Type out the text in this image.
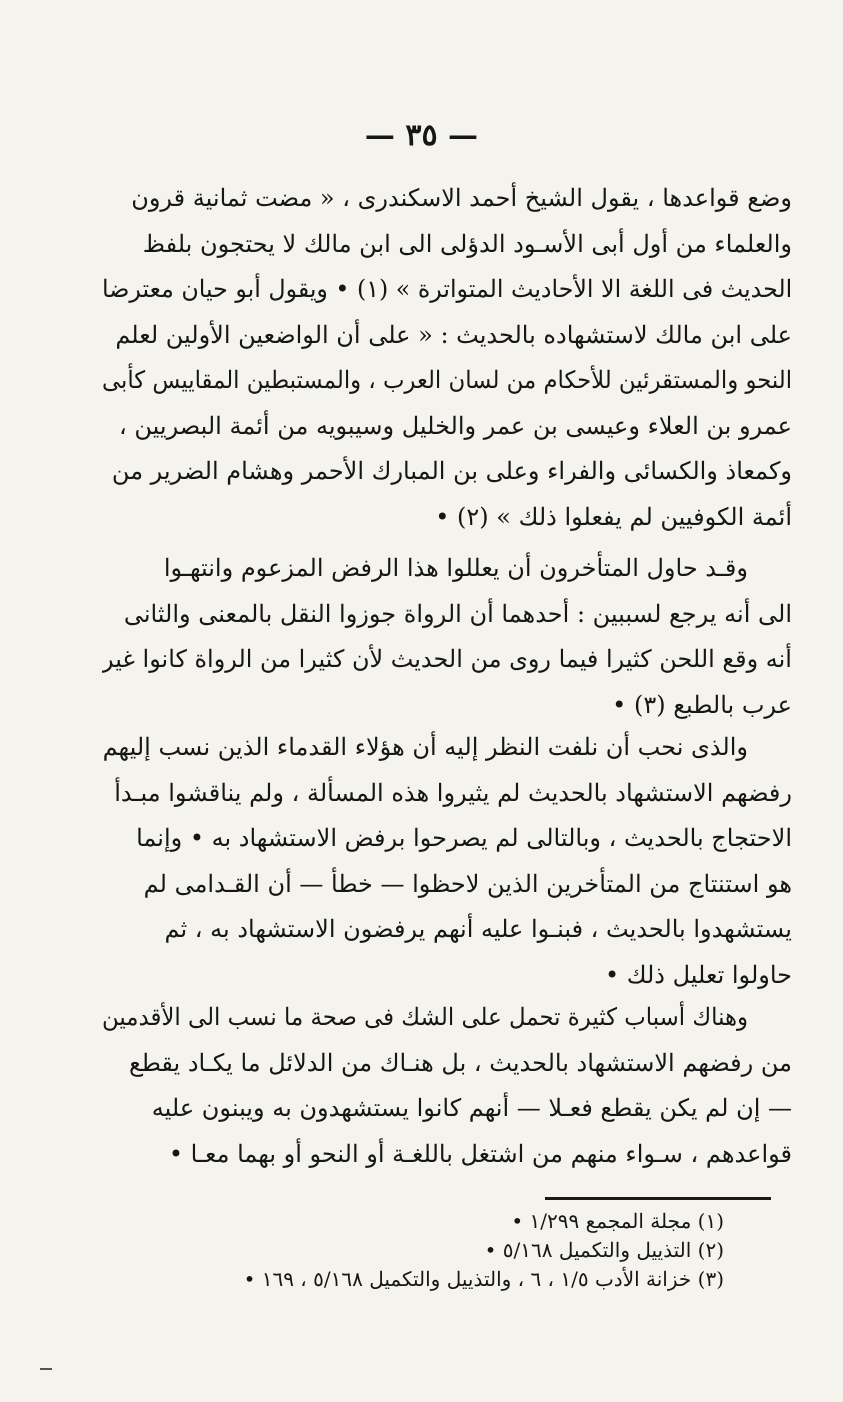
— ٣٥ —
وضع قواعدها ، يقول الشيخ أحمد الاسكندرى ، « مضت ثمانية قرون
والعلماء من أول أبى الأسـود الدؤلى الى ابن مالك لا يحتجون بلفظ
الحديث فى اللغة الا الأحاديث المتواترة » (١) • ويقول أبو حيان معترضا
على ابن مالك لاستشهاده بالحديث : « على أن الواضعين الأولين لعلم
النحو والمستقرئين للأحكام من لسان العرب ، والمستبطين المقاييس كأبى
عمرو بن العلاء وعيسى بن عمر والخليل وسيبويه من أئمة البصريين ،
وكمعاذ والكسائى والفراء وعلى بن المبارك الأحمر وهشام الضرير من
أئمة الكوفيين لم يفعلوا ذلك » (٢) •
وقـد حاول المتأخرون أن يعللوا هذا الرفض المزعوم وانتهـوا
الى أنه يرجع لسببين : أحدهما أن الرواة جوزوا النقل بالمعنى والثانى
أنه وقع اللحن كثيرا فيما روى من الحديث لأن كثيرا من الرواة كانوا غير
عرب بالطبع (٣) •
والذى نحب أن نلفت النظر إليه أن هؤلاء القدماء الذين نسب إليهم
رفضهم الاستشهاد بالحديث لم يثيروا هذه المسألة ، ولم يناقشوا مبـدأ
الاحتجاج بالحديث ، وبالتالى لم يصرحوا برفض الاستشهاد به • وإنما
هو استنتاج من المتأخرين الذين لاحظوا — خطأ — أن القـدامى لم
يستشهدوا بالحديث ، فبنـوا عليه أنهم يرفضون الاستشهاد به ، ثم
حاولوا تعليل ذلك •
وهناك أسباب كثيرة تحمل على الشك فى صحة ما نسب الى الأقدمين
من رفضهم الاستشهاد بالحديث ، بل هنـاك من الدلائل ما يكـاد يقطع
— إن لم يكن يقطع فعـلا — أنهم كانوا يستشهدون به ويبنون عليه
قواعدهم ، سـواء منهم من اشتغل باللغـة أو النحو أو بهما معـا •
(١) مجلة المجمع ١/٢٩٩ •
(٢) التذييل والتكميل ٥/١٦٨ •
(٣) خزانة الأدب ١/٥ ، ٦ ، والتذييل والتكميل ٥/١٦٨ ، ١٦٩ •
